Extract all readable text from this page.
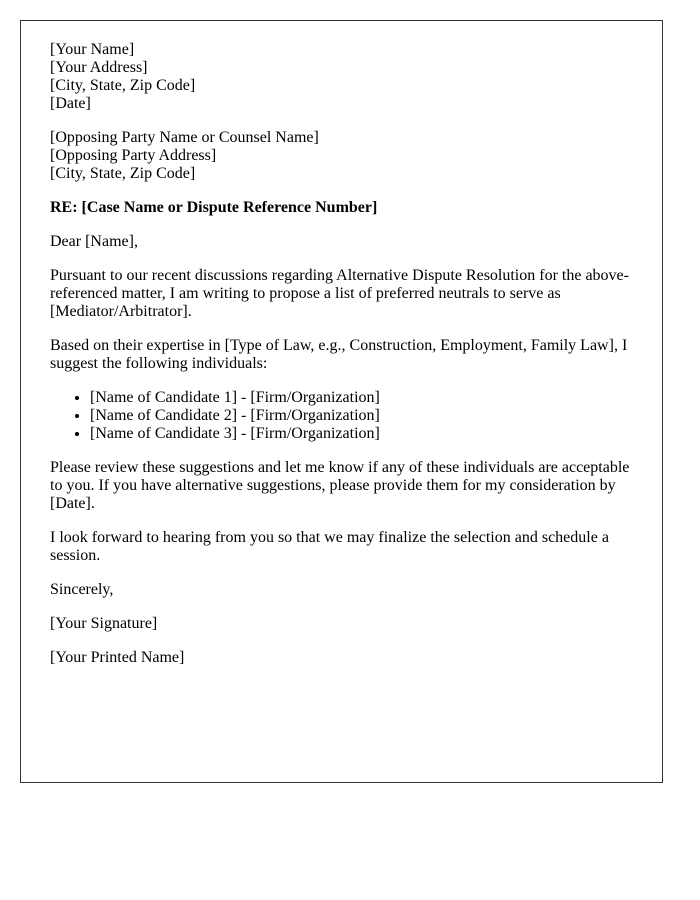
[Your Name]
[Your Address]
[City, State, Zip Code]
[Date]

[Opposing Party Name or Counsel Name]
[Opposing Party Address]
[City, State, Zip Code]

RE: [Case Name or Dispute Reference Number]

Dear [Name],

Pursuant to our recent discussions regarding Alternative Dispute Resolution for the above-referenced matter, I am writing to propose a list of preferred neutrals to serve as [Mediator/Arbitrator].

Based on their expertise in [Type of Law, e.g., Construction, Employment, Family Law], I suggest the following individuals:

• [Name of Candidate 1] - [Firm/Organization]
• [Name of Candidate 2] - [Firm/Organization]
• [Name of Candidate 3] - [Firm/Organization]

Please review these suggestions and let me know if any of these individuals are acceptable to you. If you have alternative suggestions, please provide them for my consideration by [Date].

I look forward to hearing from you so that we may finalize the selection and schedule a session.

Sincerely,

[Your Signature]

[Your Printed Name]
